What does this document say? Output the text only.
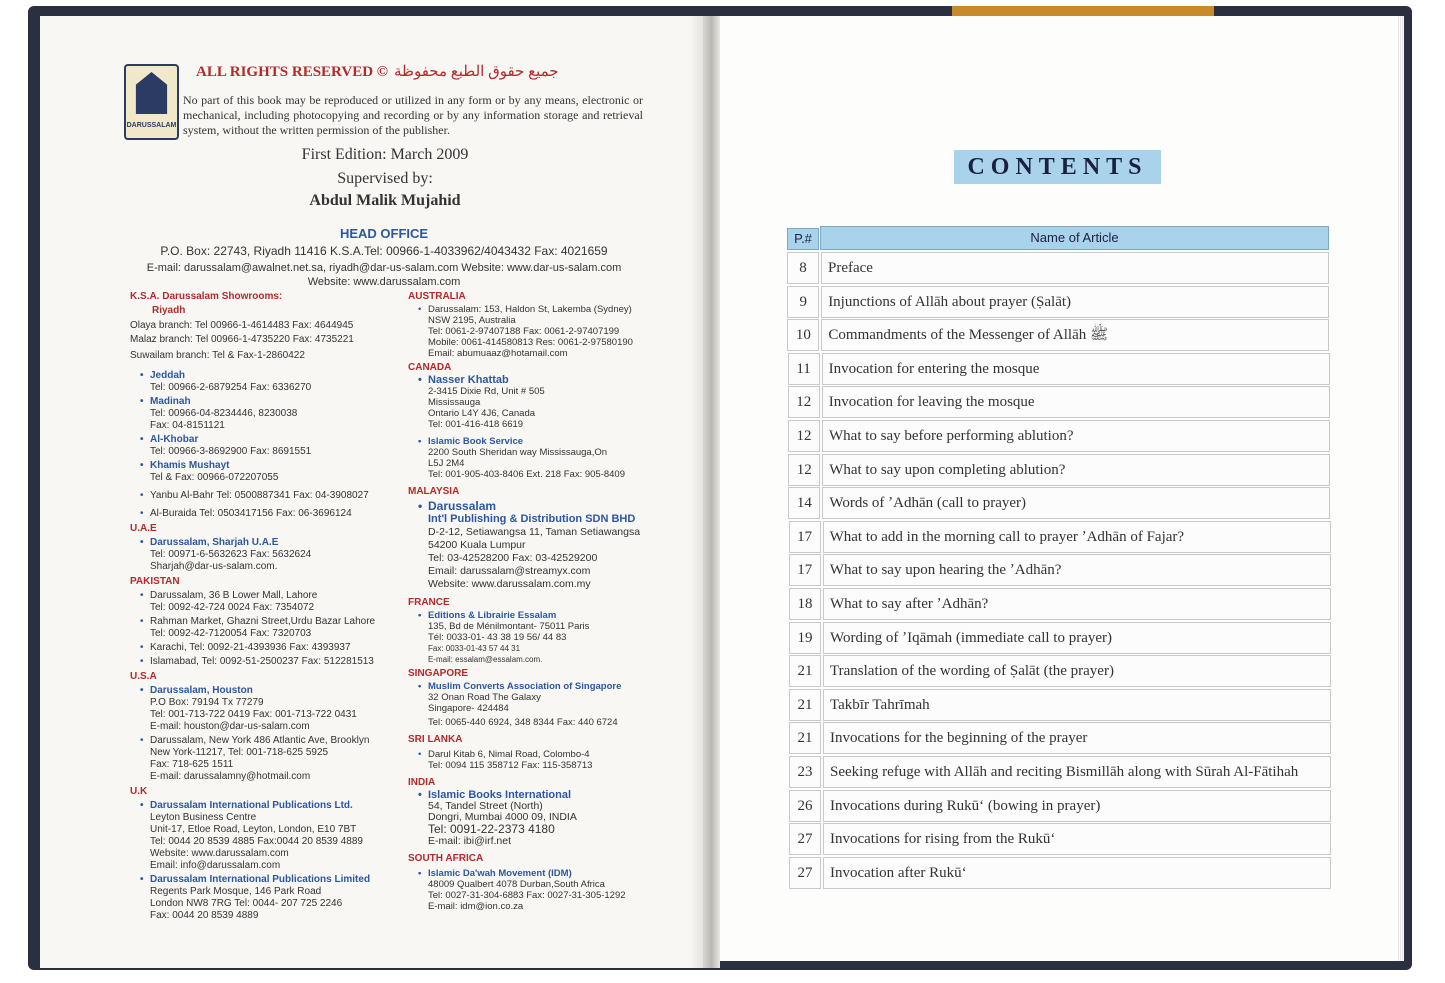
DARUSSALAM
ALL RIGHTS RESERVED © جميع حقوق الطبع محفوظة
No part of this book may be reproduced or utilized in any form or by any means, electronic or mechanical, including photocopying and recording or by any information storage and retrieval system, without the written permission of the publisher.
First Edition: March 2009
Supervised by:
Abdul Malik Mujahid
HEAD OFFICE
P.O. Box: 22743, Riyadh 11416 K.S.A.Tel: 00966-1-4033962/4043432 Fax: 4021659
E-mail: darussalam@awalnet.net.sa, riyadh@dar-us-salam.com Website: www.dar-us-salam.com
Website: www.darussalam.com
K.S.A. Darussalam Showrooms:
Riyadh
Olaya branch: Tel 00966-1-4614483 Fax: 4644945
Malaz branch: Tel 00966-1-4735220 Fax: 4735221
Suwailam branch: Tel & Fax-1-2860422
• Jeddah
Tel: 00966-2-6879254 Fax: 6336270
• Madinah
Tel: 00966-04-8234446, 8230038
Fax: 04-8151121
• Al-Khobar
Tel: 00966-3-8692900 Fax: 8691551
• Khamis Mushayt
Tel & Fax: 00966-072207055
• Yanbu Al-Bahr Tel: 0500887341 Fax: 04-3908027
• Al-Buraida Tel: 0503417156 Fax: 06-3696124
U.A.E
• Darussalam, Sharjah U.A.E
Tel: 00971-6-5632623 Fax: 5632624
Sharjah@dar-us-salam.com.
PAKISTAN
• Darussalam, 36 B Lower Mall, Lahore
Tel: 0092-42-724 0024 Fax: 7354072
• Rahman Market, Ghazni Street,Urdu Bazar Lahore
Tel: 0092-42-7120054 Fax: 7320703
• Karachi, Tel: 0092-21-4393936 Fax: 4393937
• Islamabad, Tel: 0092-51-2500237 Fax: 512281513
U.S.A
• Darussalam, Houston
P.O Box: 79194 Tx 77279
Tel: 001-713-722 0419 Fax: 001-713-722 0431
E-mail: houston@dar-us-salam.com
• Darussalam, New York 486 Atlantic Ave, Brooklyn
New York-11217, Tel: 001-718-625 5925
Fax: 718-625 1511
E-mail: darussalamny@hotmail.com
U.K
• Darussalam International Publications Ltd.
Leyton Business Centre
Unit-17, Etloe Road, Leyton, London, E10 7BT
Tel: 0044 20 8539 4885 Fax:0044 20 8539 4889
Website: www.darussalam.com
Email: info@darussalam.com
• Darussalam International Publications Limited
Regents Park Mosque, 146 Park Road
London NW8 7RG Tel: 0044- 207 725 2246
Fax: 0044 20 8539 4889
AUSTRALIA
• Darussalam: 153, Haldon St, Lakemba (Sydney)
NSW 2195, Australia
Tel: 0061-2-97407188 Fax: 0061-2-97407199
Mobile: 0061-414580813 Res: 0061-2-97580190
Email: abumuaaz@hotamail.com
CANADA
• Nasser Khattab
2-3415 Dixie Rd, Unit # 505
Mississauga
Ontario L4Y 4J6, Canada
Tel: 001-416-418 6619
• Islamic Book Service
2200 South Sheridan way Mississauga,On
L5J 2M4
Tel: 001-905-403-8406 Ext. 218 Fax: 905-8409
MALAYSIA
• Darussalam
Int'l Publishing & Distribution SDN BHD
D-2-12, Setiawangsa 11, Taman Setiawangsa
54200 Kuala Lumpur
Tel: 03-42528200 Fax: 03-42529200
Email: darussalam@streamyx.com
Website: www.darussalam.com.my
FRANCE
• Editions & Librairie Essalam
135, Bd de Ménilmontant- 75011 Paris
Tél: 0033-01- 43 38 19 56/ 44 83
Fax: 0033-01-43 57 44 31
E-mail: essalam@essalam.com.
SINGAPORE
• Muslim Converts Association of Singapore
32 Onan Road The Galaxy
Singapore- 424484
Tel: 0065-440 6924, 348 8344 Fax: 440 6724
SRI LANKA
• Darul Kitab 6, Nimal Road, Colombo-4
Tel: 0094 115 358712 Fax: 115-358713
INDIA
• Islamic Books International
54, Tandel Street (North)
Dongri, Mumbai 4000 09, INDIA
Tel: 0091-22-2373 4180
E-mail: ibi@irf.net
SOUTH AFRICA
• Islamic Da'wah Movement (IDM)
48009 Qualbert 4078 Durban,South Africa
Tel: 0027-31-304-6883 Fax: 0027-31-305-1292
E-mail: idm@ion.co.za
CONTENTS
P.#	Name of Article
8	Preface
9	Injunctions of Allāh about prayer (Ṣalāt)
10	Commandments of the Messenger of Allāh ﷺ
11	Invocation for entering the mosque
12	Invocation for leaving the mosque
12	What to say before performing ablution?
12	What to say upon completing ablution?
14	Words of ʼAdhān (call to prayer)
17	What to add in the morning call to prayer ʼAdhān of Fajar?
17	What to say upon hearing the ʼAdhān?
18	What to say after ʼAdhān?
19	Wording of ʼIqāmah (immediate call to prayer)
21	Translation of the wording of Ṣalāt (the prayer)
21	Takbīr Tahrīmah
21	Invocations for the beginning of the prayer
23	Seeking refuge with Allāh and reciting Bismillāh along with Sūrah Al-Fātihah
26	Invocations during Rukūʻ (bowing in prayer)
27	Invocations for rising from the Rukūʻ
27	Invocation after Rukūʻ
